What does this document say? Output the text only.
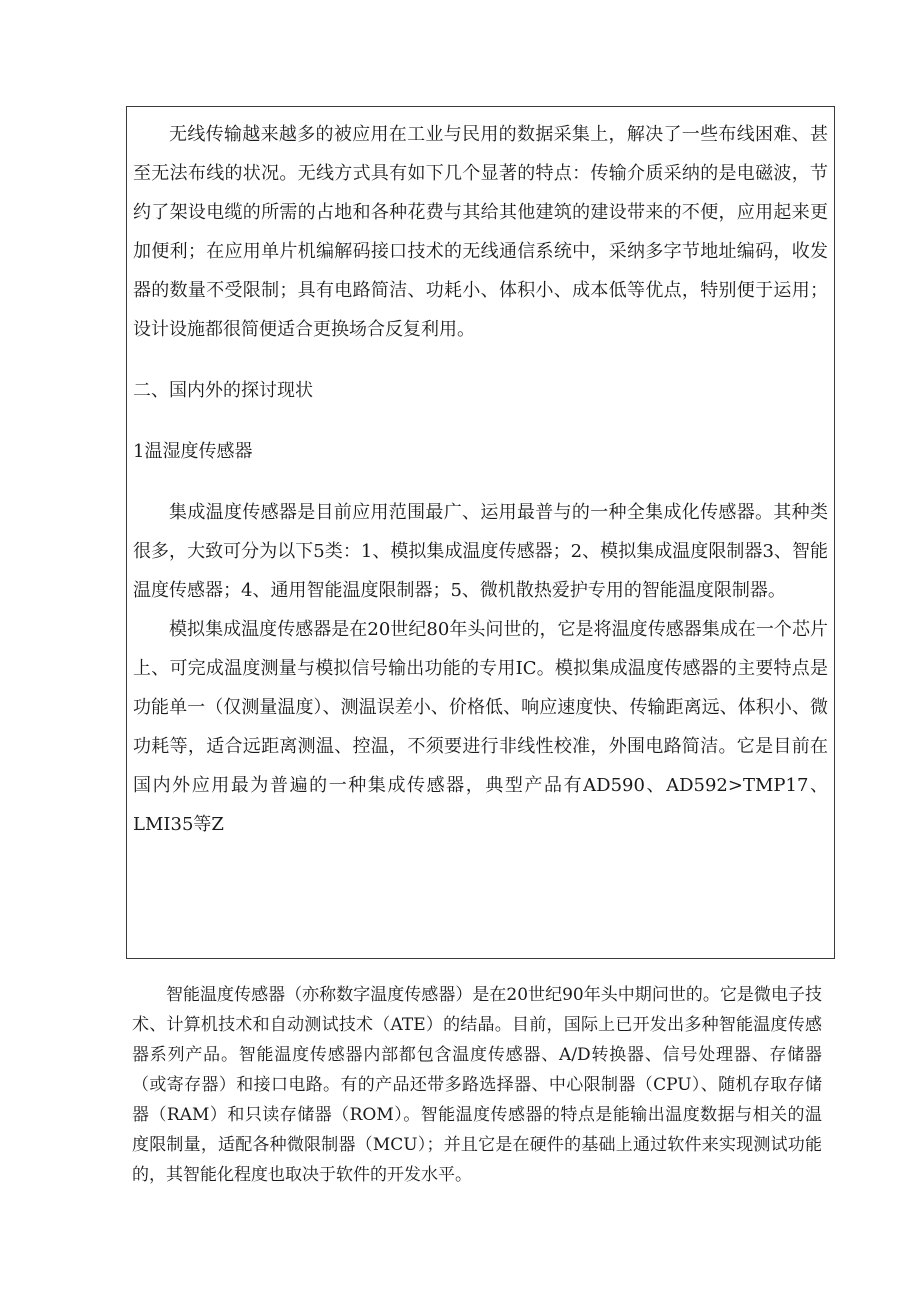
无线传输越来越多的被应用在工业与民用的数据采集上，解决了一些布线困难、甚至无法布线的状况。无线方式具有如下几个显著的特点：传输介质采纳的是电磁波，节约了架设电缆的所需的占地和各种花费与其给其他建筑的建设带来的不便，应用起来更加便利；在应用单片机编解码接口技术的无线通信系统中，采纳多字节地址编码，收发器的数量不受限制；具有电路简洁、功耗小、体积小、成本低等优点，特别便于运用；设计设施都很简便适合更换场合反复利用。

二、国内外的探讨现状

1温湿度传感器

集成温度传感器是目前应用范围最广、运用最普与的一种全集成化传感器。其种类很多，大致可分为以下5类：1、模拟集成温度传感器；2、模拟集成温度限制器3、智能温度传感器；4、通用智能温度限制器；5、微机散热爱护专用的智能温度限制器。

模拟集成温度传感器是在20世纪80年头问世的，它是将温度传感器集成在一个芯片上、可完成温度测量与模拟信号输出功能的专用IC。模拟集成温度传感器的主要特点是功能单一（仅测量温度）、测温误差小、价格低、响应速度快、传输距离远、体积小、微功耗等，适合远距离测温、控温，不须要进行非线性校准，外围电路简洁。它是目前在国内外应用最为普遍的一种集成传感器，典型产品有AD590、AD592>TMP17、LMI35等Z

智能温度传感器（亦称数字温度传感器）是在20世纪90年头中期问世的。它是微电子技术、计算机技术和自动测试技术（ATE）的结晶。目前，国际上已开发出多种智能温度传感器系列产品。智能温度传感器内部都包含温度传感器、A/D转换器、信号处理器、存储器（或寄存器）和接口电路。有的产品还带多路选择器、中心限制器（CPU）、随机存取存储器（RAM）和只读存储器（ROM）。智能温度传感器的特点是能输出温度数据与相关的温度限制量，适配各种微限制器（MCU）；并且它是在硬件的基础上通过软件来实现测试功能的，其智能化程度也取决于软件的开发水平。
